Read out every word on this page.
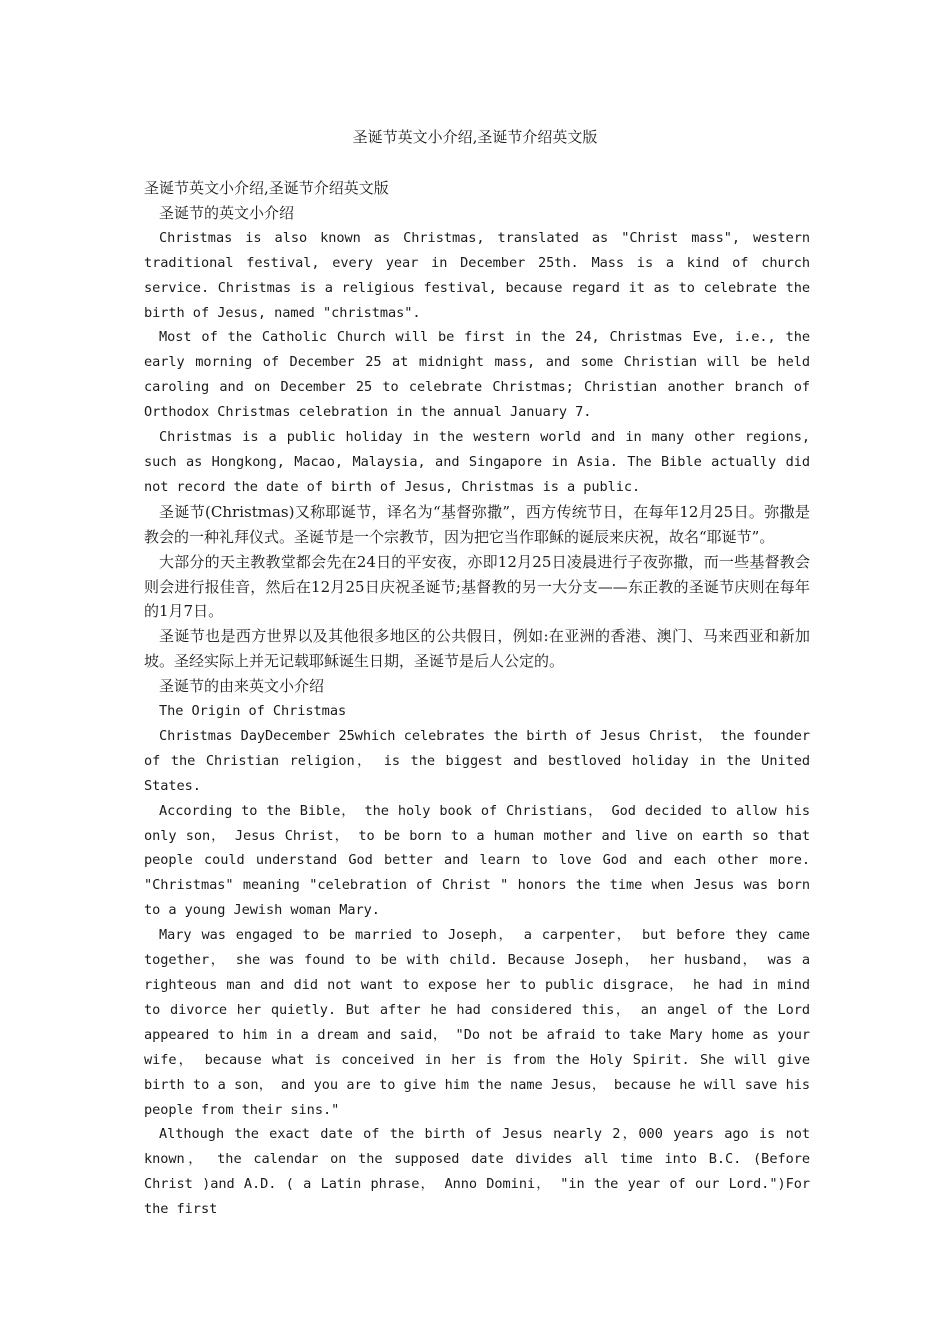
圣诞节英文小介绍,圣诞节介绍英文版

圣诞节英文小介绍,圣诞节介绍英文版

圣诞节的英文小介绍

Christmas is also known as Christmas, translated as "Christ mass", western traditional festival, every year in December 25th. Mass is a kind of church service. Christmas is a religious festival, because regard it as to celebrate the birth of Jesus, named "christmas".

Most of the Catholic Church will be first in the 24, Christmas Eve, i.e., the early morning of December 25 at midnight mass, and some Christian will be held caroling and on December 25 to celebrate Christmas; Christian another branch of Orthodox Christmas celebration in the annual January 7.

Christmas is a public holiday in the western world and in many other regions, such as Hongkong, Macao, Malaysia, and Singapore in Asia. The Bible actually did not record the date of birth of Jesus, Christmas is a public.

圣诞节(Christmas)又称耶诞节，译名为“基督弥撒”，西方传统节日，在每年12月25日。弥撒是教会的一种礼拜仪式。圣诞节是一个宗教节，因为把它当作耶稣的诞辰来庆祝，故名“耶诞节”。

大部分的天主教教堂都会先在24日的平安夜，亦即12月25日凌晨进行子夜弥撒，而一些基督教会则会进行报佳音，然后在12月25日庆祝圣诞节;基督教的另一大分支——东正教的圣诞节庆则在每年的1月7日。

圣诞节也是西方世界以及其他很多地区的公共假日，例如:在亚洲的香港、澳门、马来西亚和新加坡。圣经实际上并无记载耶稣诞生日期，圣诞节是后人公定的。

圣诞节的由来英文小介绍

The Origin of Christmas

Christmas DayDecember 25which celebrates the birth of Jesus Christ， the founder of the Christian religion， is the biggest and bestloved holiday in the United States.

According to the Bible， the holy book of Christians， God decided to allow his only son， Jesus Christ， to be born to a human mother and live on earth so that people could understand God better and learn to love God and each other more. "Christmas" meaning "celebration of Christ " honors the time when Jesus was born to a young Jewish woman Mary.

Mary was engaged to be married to Joseph， a carpenter， but before they came together， she was found to be with child. Because Joseph， her husband， was a righteous man and did not want to expose her to public disgrace， he had in mind to divorce her quietly. But after he had considered this， an angel of the Lord appeared to him in a dream and said， "Do not be afraid to take Mary home as your wife， because what is conceived in her is from the Holy Spirit. She will give birth to a son， and you are to give him the name Jesus， because he will save his people from their sins."

Although the exact date of the birth of Jesus nearly 2，000 years ago is not known， the calendar on the supposed date divides all time into B.C. (Before Christ )and A.D. ( a Latin phrase， Anno Domini， "in the year of our Lord.")For the first
